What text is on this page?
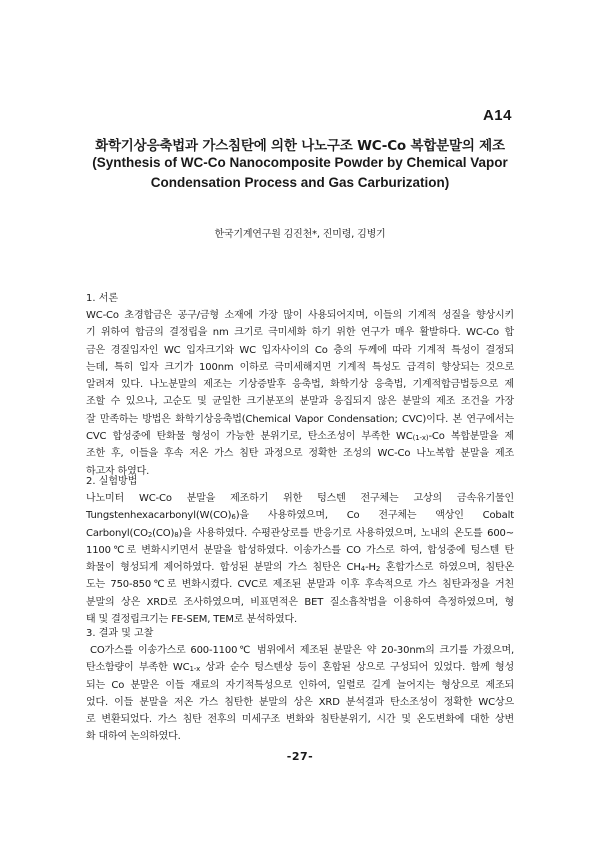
A14
화학기상응축법과 가스침탄에 의한 나노구조 WC-Co 복합분말의 제조
(Synthesis of WC-Co Nanocomposite Powder by Chemical Vapor
Condensation Process and Gas Carburization)
한국기계연구원 김진천*, 진미령, 김병기
1. 서론
WC-Co 초경합금은 공구/금형 소재에 가장 많이 사용되어지며, 이들의 기계적 성질을 향상시키
기 위하여 합금의 결정립을 nm 크기로 극미세화 하기 위한 연구가 매우 활발하다. WC-Co 합
금은 경질입자인 WC 입자크기와 WC 입자사이의 Co 층의 두께에 따라 기계적 특성이 결정되
는데, 특히 입자 크기가 100nm 이하로 극미세해지면 기계적 특성도 급격히 향상되는 것으로
알려져 있다. 나노분말의 제조는 기상증발후 응축법, 화학기상 응축법, 기계적합금법등으로 제
조할 수 있으나, 고순도 및 균일한 크기분포의 분말과 응집되지 않은 분말의 제조 조건을 가장
잘 만족하는 방법은 화학기상응축법(Chemical Vapor Condensation; CVC)이다. 본 연구에서는
CVC 합성중에 탄화물 형성이 가능한 분위기로, 탄소조성이 부족한 WC(1-x)-Co 복합분말을 제
조한 후, 이들을 후속 저온 가스 침탄 과정으로 정확한 조성의 WC-Co 나노복합 분말을 제조
하고자 하였다.
2. 실험방법
나노미터 WC-Co 분말을 제조하기 위한 텅스텐 전구체는 고상의 금속유기물인
Tungstenhexacarbonyl(W(CO)6)을 사용하였으며, Co 전구체는 액상인 Cobalt
Carbonyl(CO2(CO)8)을 사용하였다. 수평관상로를 반응기로 사용하였으며, 노내의 온도를 600~
1100℃로 변화시키면서 분말을 합성하였다. 이송가스를 CO 가스로 하여, 합성중에 텅스텐 탄
화물이 형성되게 제어하였다. 합성된 분말의 가스 침탄은 CH4-H2 혼합가스로 하였으며, 침탄온
도는 750-850℃로 변화시켰다. CVC로 제조된 분말과 이후 후속적으로 가스 침탄과정을 거친
분말의 상은 XRD로 조사하였으며, 비표면적은 BET 질소흡착법을 이용하여 측정하였으며, 형
태 및 결정립크기는 FE-SEM, TEM로 분석하였다.
3. 결과 및 고찰
CO가스를 이송가스로 600-1100℃ 범위에서 제조된 분말은 약 20-30nm의 크기를 가졌으며,
탄소함량이 부족한 WC1-x 상과 순수 텅스텐상 등이 혼합된 상으로 구성되어 있었다. 함께 형성
되는 Co 분말은 이들 재료의 자기적특성으로 인하여, 일렬로 길게 늘어지는 형상으로 제조되
었다. 이들 분말을 저온 가스 침탄한 분말의 상은 XRD 분석결과 탄소조성이 정확한 WC상으
로 변환되었다. 가스 침탄 전후의 미세구조 변화와 침탄분위기, 시간 및 온도변화에 대한 상변
화 대하여 논의하였다.
-27-
